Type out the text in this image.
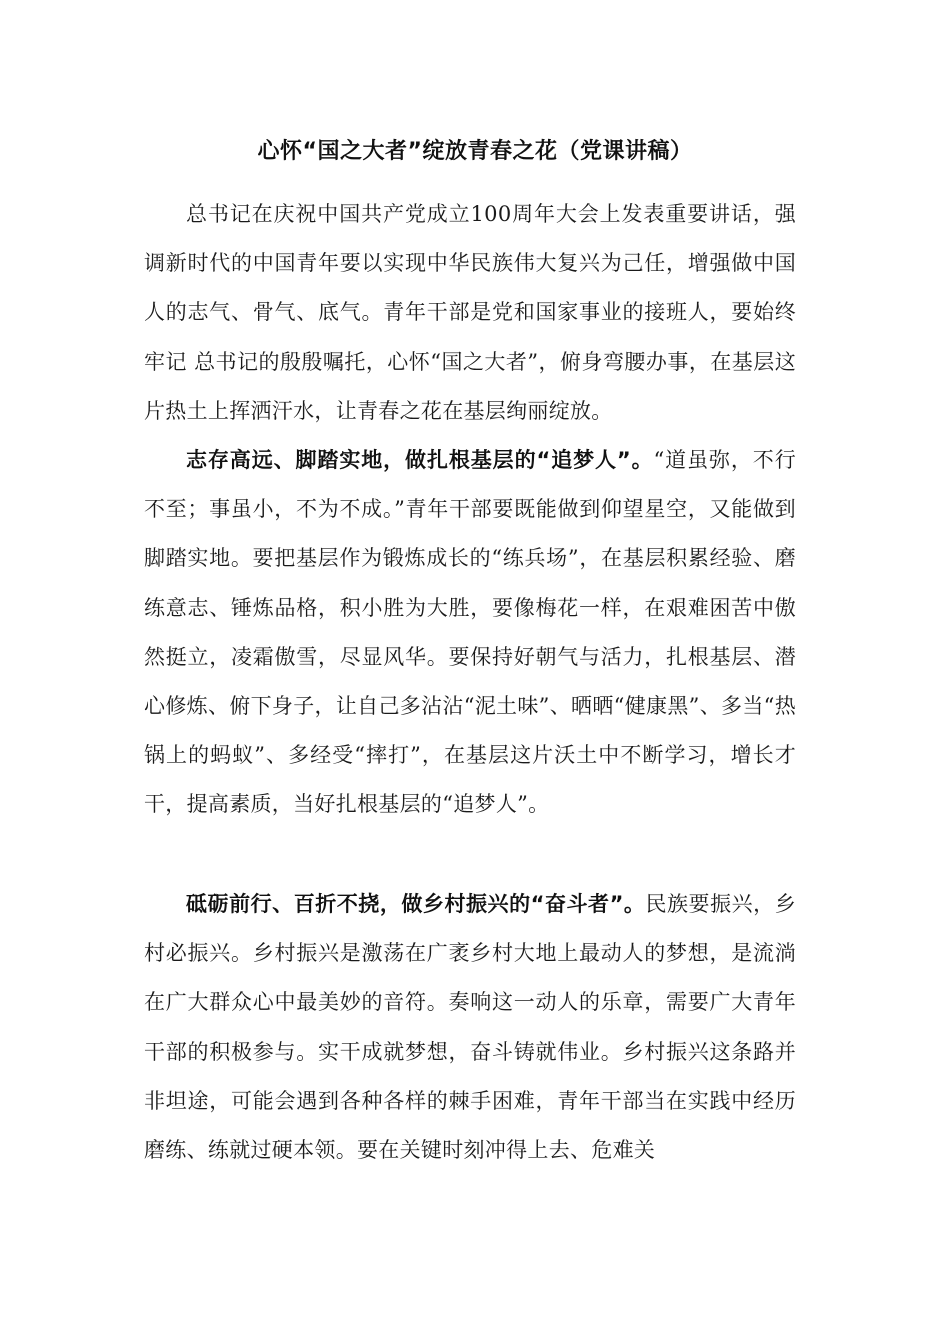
心怀“国之大者”绽放青春之花（党课讲稿）

总书记在庆祝中国共产党成立100周年大会上发表重要讲话，强调新时代的中国青年要以实现中华民族伟大复兴为己任，增强做中国人的志气、骨气、底气。青年干部是党和国家事业的接班人，要始终牢记 总书记的殷殷嘱托，心怀“国之大者”，俯身弯腰办事，在基层这片热土上挥洒汗水，让青春之花在基层绚丽绽放。

志存高远、脚踏实地，做扎根基层的“追梦人”。“道虽弥，不行不至；事虽小，不为不成。”青年干部要既能做到仰望星空，又能做到脚踏实地。要把基层作为锻炼成长的“练兵场”，在基层积累经验、磨练意志、锤炼品格，积小胜为大胜，要像梅花一样，在艰难困苦中傲然挺立，凌霜傲雪，尽显风华。要保持好朝气与活力，扎根基层、潜心修炼、俯下身子，让自己多沾沾“泥土味”、晒晒“健康黑”、多当“热锅上的蚂蚁”、多经受“摔打”，在基层这片沃土中不断学习，增长才干，提高素质，当好扎根基层的“追梦人”。

砥砺前行、百折不挠，做乡村振兴的“奋斗者”。民族要振兴，乡村必振兴。乡村振兴是激荡在广袤乡村大地上最动人的梦想，是流淌在广大群众心中最美妙的音符。奏响这一动人的乐章，需要广大青年干部的积极参与。实干成就梦想，奋斗铸就伟业。乡村振兴这条路并非坦途，可能会遇到各种各样的棘手困难，青年干部当在实践中经历磨练、练就过硬本领。要在关键时刻冲得上去、危难关
